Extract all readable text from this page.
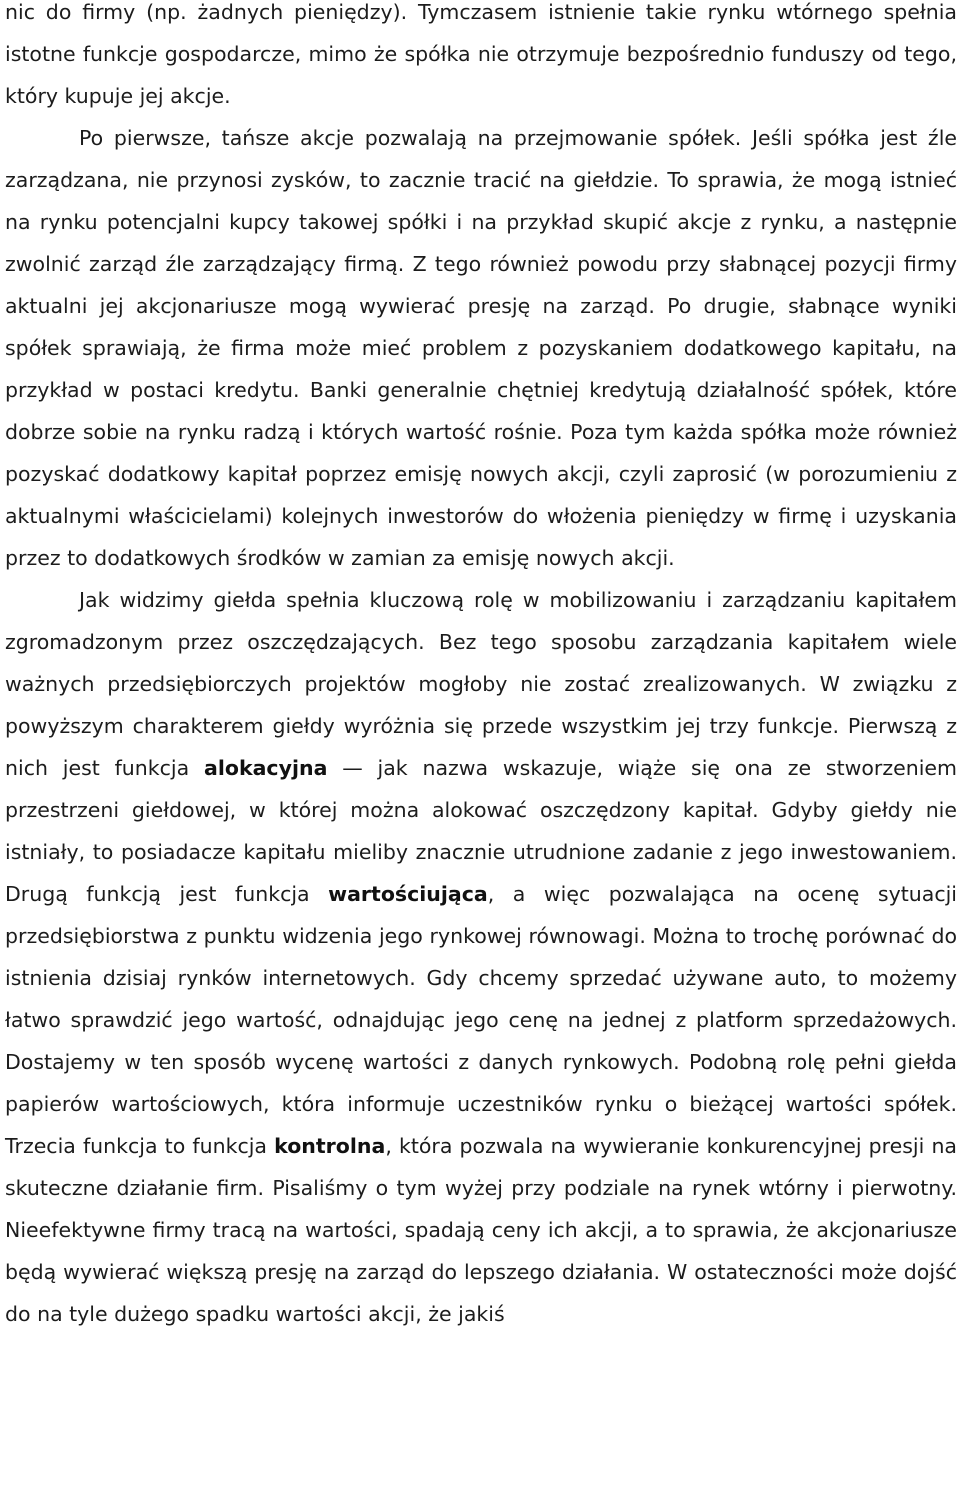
nic do firmy (np. żadnych pieniędzy). Tymczasem istnienie takie rynku wtórnego spełnia istotne funkcje gospodarcze, mimo że spółka nie otrzymuje bezpośrednio funduszy od tego, który kupuje jej akcje.

Po pierwsze, tańsze akcje pozwalają na przejmowanie spółek. Jeśli spółka jest źle zarządzana, nie przynosi zysków, to zacznie tracić na giełdzie. To sprawia, że mogą istnieć na rynku potencjalni kupcy takowej spółki i na przykład skupić akcje z rynku, a następnie zwolnić zarząd źle zarządzający firmą. Z tego również powodu przy słabnącej pozycji firmy aktualni jej akcjonariusze mogą wywierać presję na zarząd. Po drugie, słabnące wyniki spółek sprawiają, że firma może mieć problem z pozyskaniem dodatkowego kapitału, na przykład w postaci kredytu. Banki generalnie chętniej kredytują działalność spółek, które dobrze sobie na rynku radzą i których wartość rośnie. Poza tym każda spółka może również pozyskać dodatkowy kapitał poprzez emisję nowych akcji, czyli zaprosić (w porozumieniu z aktualnymi właścicielami) kolejnych inwestorów do włożenia pieniędzy w firmę i uzyskania przez to dodatkowych środków w zamian za emisję nowych akcji.

Jak widzimy giełda spełnia kluczową rolę w mobilizowaniu i zarządzaniu kapitałem zgromadzonym przez oszczędzających. Bez tego sposobu zarządzania kapitałem wiele ważnych przedsiębiorczych projektów mogłoby nie zostać zrealizowanych. W związku z powyższym charakterem giełdy wyróżnia się przede wszystkim jej trzy funkcje. Pierwszą z nich jest funkcja alokacyjna — jak nazwa wskazuje, wiąże się ona ze stworzeniem przestrzeni giełdowej, w której można alokować oszczędzony kapitał. Gdyby giełdy nie istniały, to posiadacze kapitału mieliby znacznie utrudnione zadanie z jego inwestowaniem. Drugą funkcją jest funkcja wartościująca, a więc pozwalająca na ocenę sytuacji przedsiębiorstwa z punktu widzenia jego rynkowej równowagi. Można to trochę porównać do istnienia dzisiaj rynków internetowych. Gdy chcemy sprzedać używane auto, to możemy łatwo sprawdzić jego wartość, odnajdując jego cenę na jednej z platform sprzedażowych. Dostajemy w ten sposób wycenę wartości z danych rynkowych. Podobną rolę pełni giełda papierów wartościowych, która informuje uczestników rynku o bieżącej wartości spółek. Trzecia funkcja to funkcja kontrolna, która pozwala na wywieranie konkurencyjnej presji na skuteczne działanie firm. Pisaliśmy o tym wyżej przy podziale na rynek wtórny i pierwotny. Nieefektywne firmy tracą na wartości, spadają ceny ich akcji, a to sprawia, że akcjonariusze będą wywierać większą presję na zarząd do lepszego działania. W ostateczności może dojść do na tyle dużego spadku wartości akcji, że jakiś
